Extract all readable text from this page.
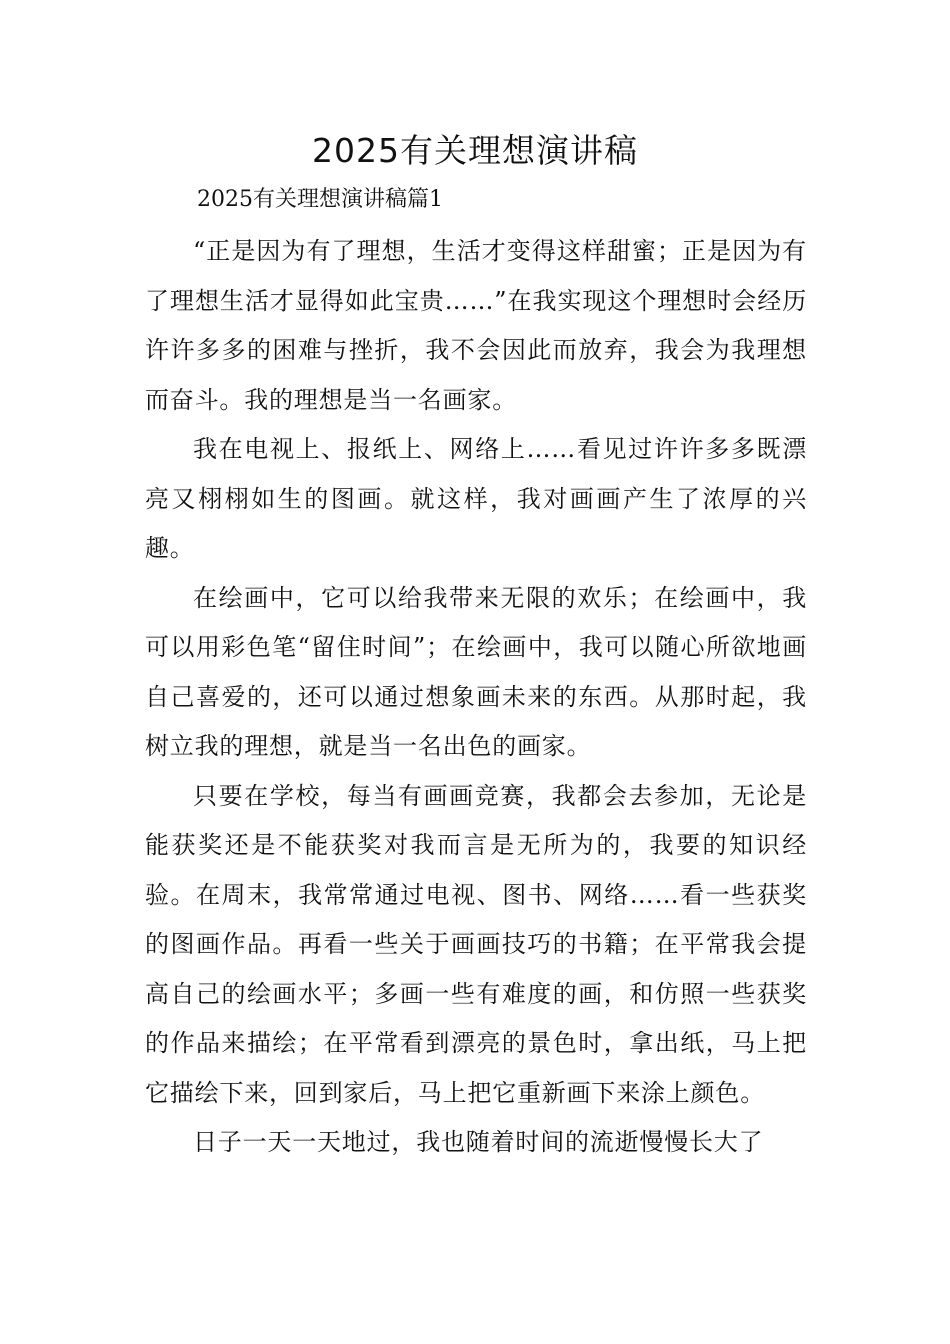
2025有关理想演讲稿

2025有关理想演讲稿篇1

“正是因为有了理想，生活才变得这样甜蜜；正是因为有了理想生活才显得如此宝贵……”在我实现这个理想时会经历许许多多的困难与挫折，我不会因此而放弃，我会为我理想而奋斗。我的理想是当一名画家。

我在电视上、报纸上、网络上……看见过许许多多既漂亮又栩栩如生的图画。就这样，我对画画产生了浓厚的兴趣。

在绘画中，它可以给我带来无限的欢乐；在绘画中，我可以用彩色笔“留住时间”；在绘画中，我可以随心所欲地画自己喜爱的，还可以通过想象画未来的东西。从那时起，我树立我的理想，就是当一名出色的画家。

只要在学校，每当有画画竞赛，我都会去参加，无论是能获奖还是不能获奖对我而言是无所为的，我要的知识经验。在周末，我常常通过电视、图书、网络……看一些获奖的图画作品。再看一些关于画画技巧的书籍；在平常我会提高自己的绘画水平；多画一些有难度的画，和仿照一些获奖的作品来描绘；在平常看到漂亮的景色时，拿出纸，马上把它描绘下来，回到家后，马上把它重新画下来涂上颜色。

日子一天一天地过，我也随着时间的流逝慢慢长大了
